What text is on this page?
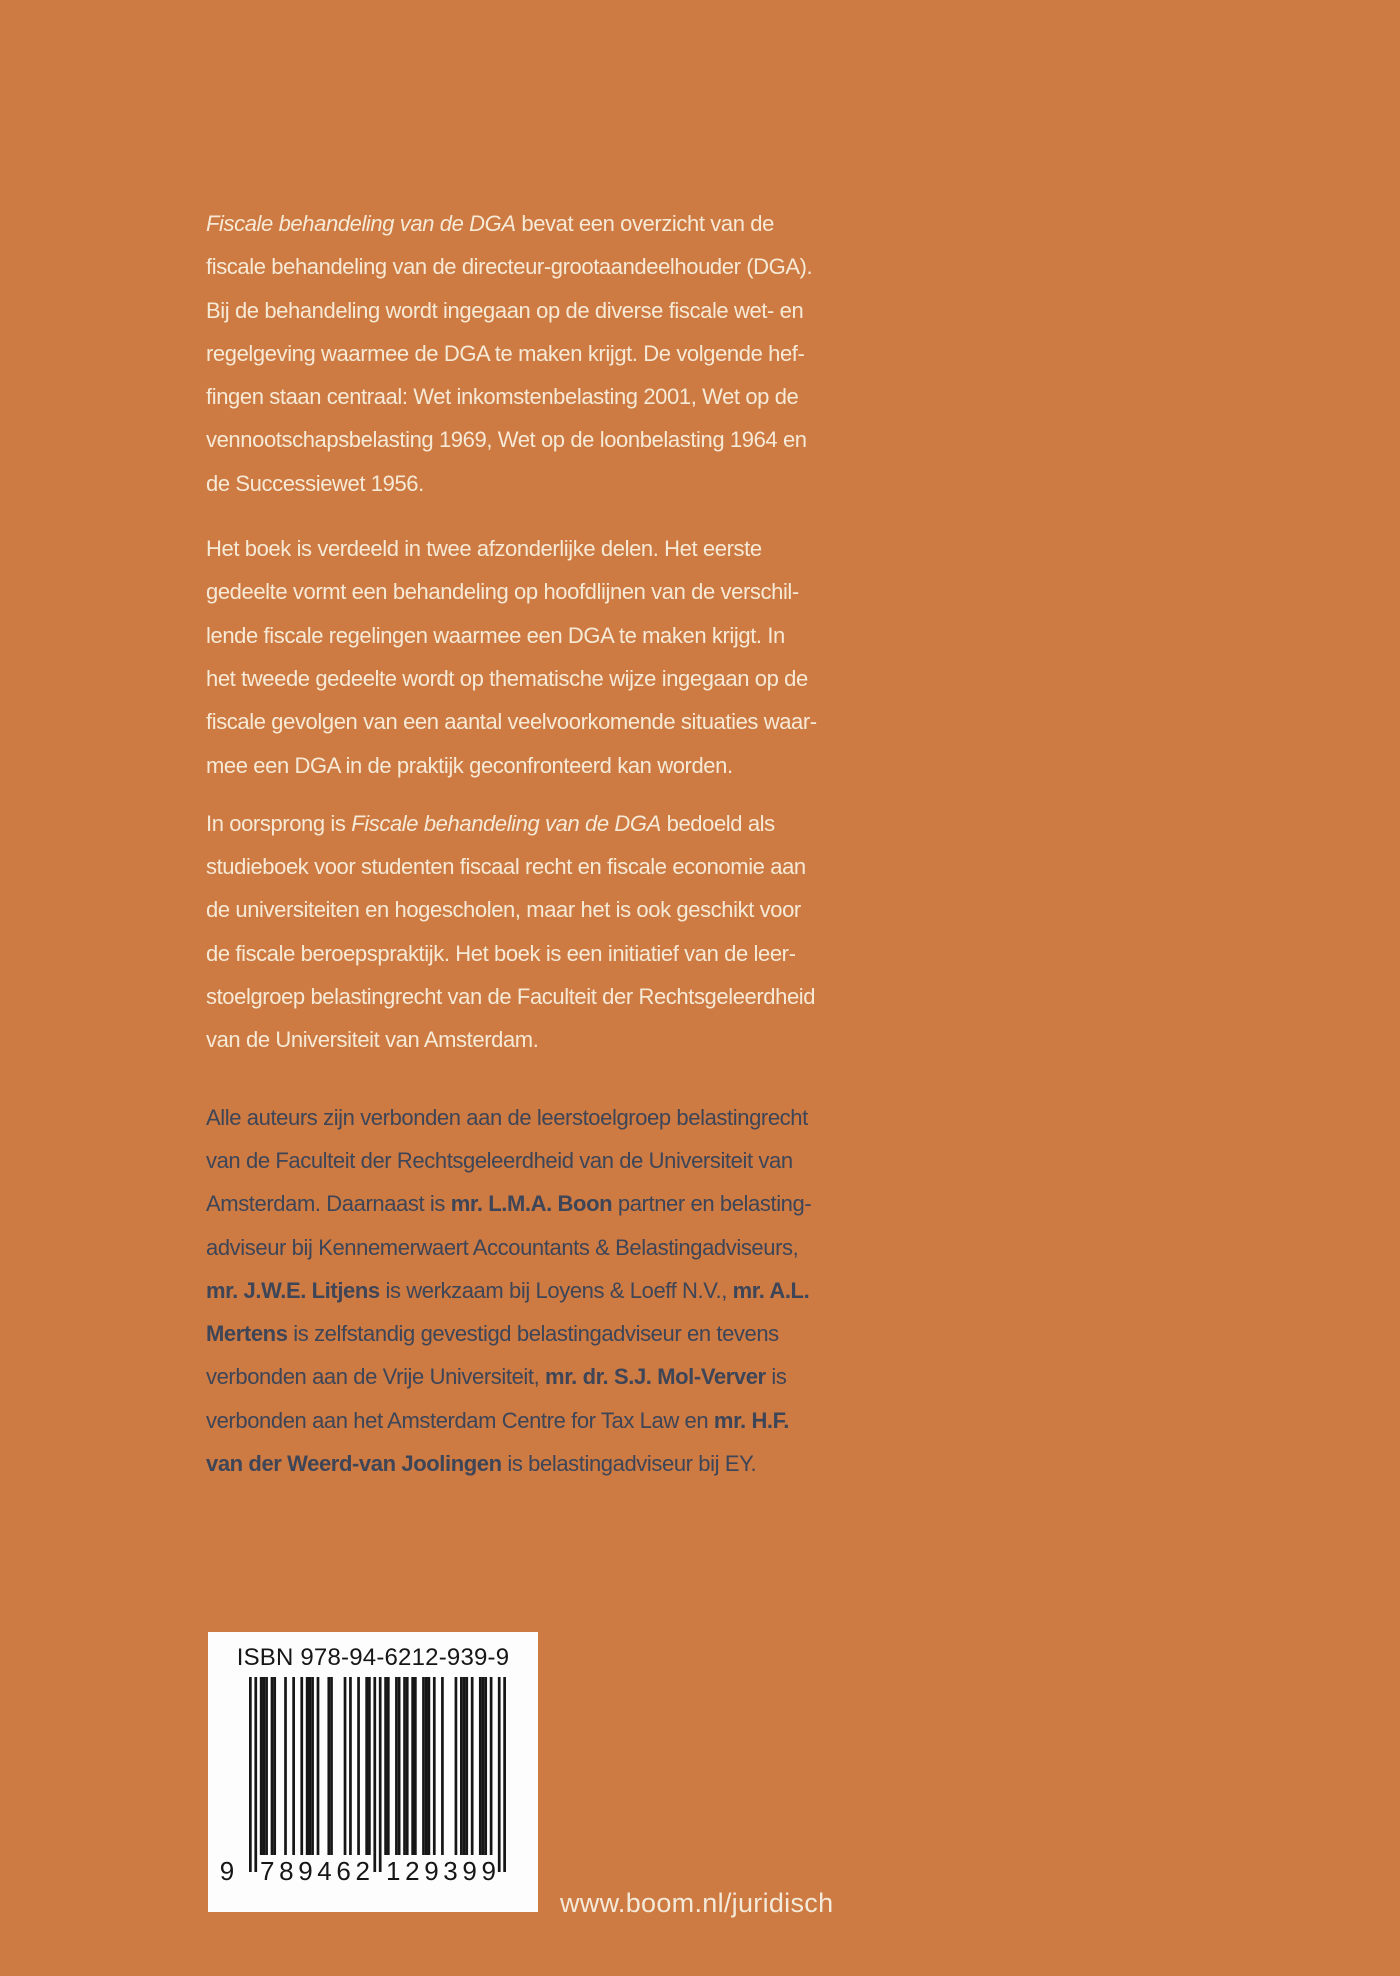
Fiscale behandeling van de DGA bevat een overzicht van de
fiscale behandeling van de directeur-grootaandeelhouder (DGA).
Bij de behandeling wordt ingegaan op de diverse fiscale wet- en
regelgeving waarmee de DGA te maken krijgt. De volgende hef-
fingen staan centraal: Wet inkomstenbelasting 2001, Wet op de
vennootschapsbelasting 1969, Wet op de loonbelasting 1964 en
de Successiewet 1956.
Het boek is verdeeld in twee afzonderlijke delen. Het eerste
gedeelte vormt een behandeling op hoofdlijnen van de verschil-
lende fiscale regelingen waarmee een DGA te maken krijgt. In
het tweede gedeelte wordt op thematische wijze ingegaan op de
fiscale gevolgen van een aantal veelvoorkomende situaties waar-
mee een DGA in de praktijk geconfronteerd kan worden.
In oorsprong is Fiscale behandeling van de DGA bedoeld als
studieboek voor studenten fiscaal recht en fiscale economie aan
de universiteiten en hogescholen, maar het is ook geschikt voor
de fiscale beroepspraktijk. Het boek is een initiatief van de leer-
stoelgroep belastingrecht van de Faculteit der Rechtsgeleerdheid
van de Universiteit van Amsterdam.
Alle auteurs zijn verbonden aan de leerstoelgroep belastingrecht
van de Faculteit der Rechtsgeleerdheid van de Universiteit van
Amsterdam. Daarnaast is mr. L.M.A. Boon partner en belasting-
adviseur bij Kennemerwaert Accountants & Belastingadviseurs,
mr. J.W.E. Litjens is werkzaam bij Loyens & Loeff N.V., mr. A.L.
Mertens is zelfstandig gevestigd belastingadviseur en tevens
verbonden aan de Vrije Universiteit, mr. dr. S.J. Mol-Verver is
verbonden aan het Amsterdam Centre for Tax Law en mr. H.F.
van der Weerd-van Joolingen is belastingadviseur bij EY.
ISBN 978-94-6212-939-9
9 7 8 9 4 6 2 1 2 9 3 9 9
www.boom.nl/juridisch
